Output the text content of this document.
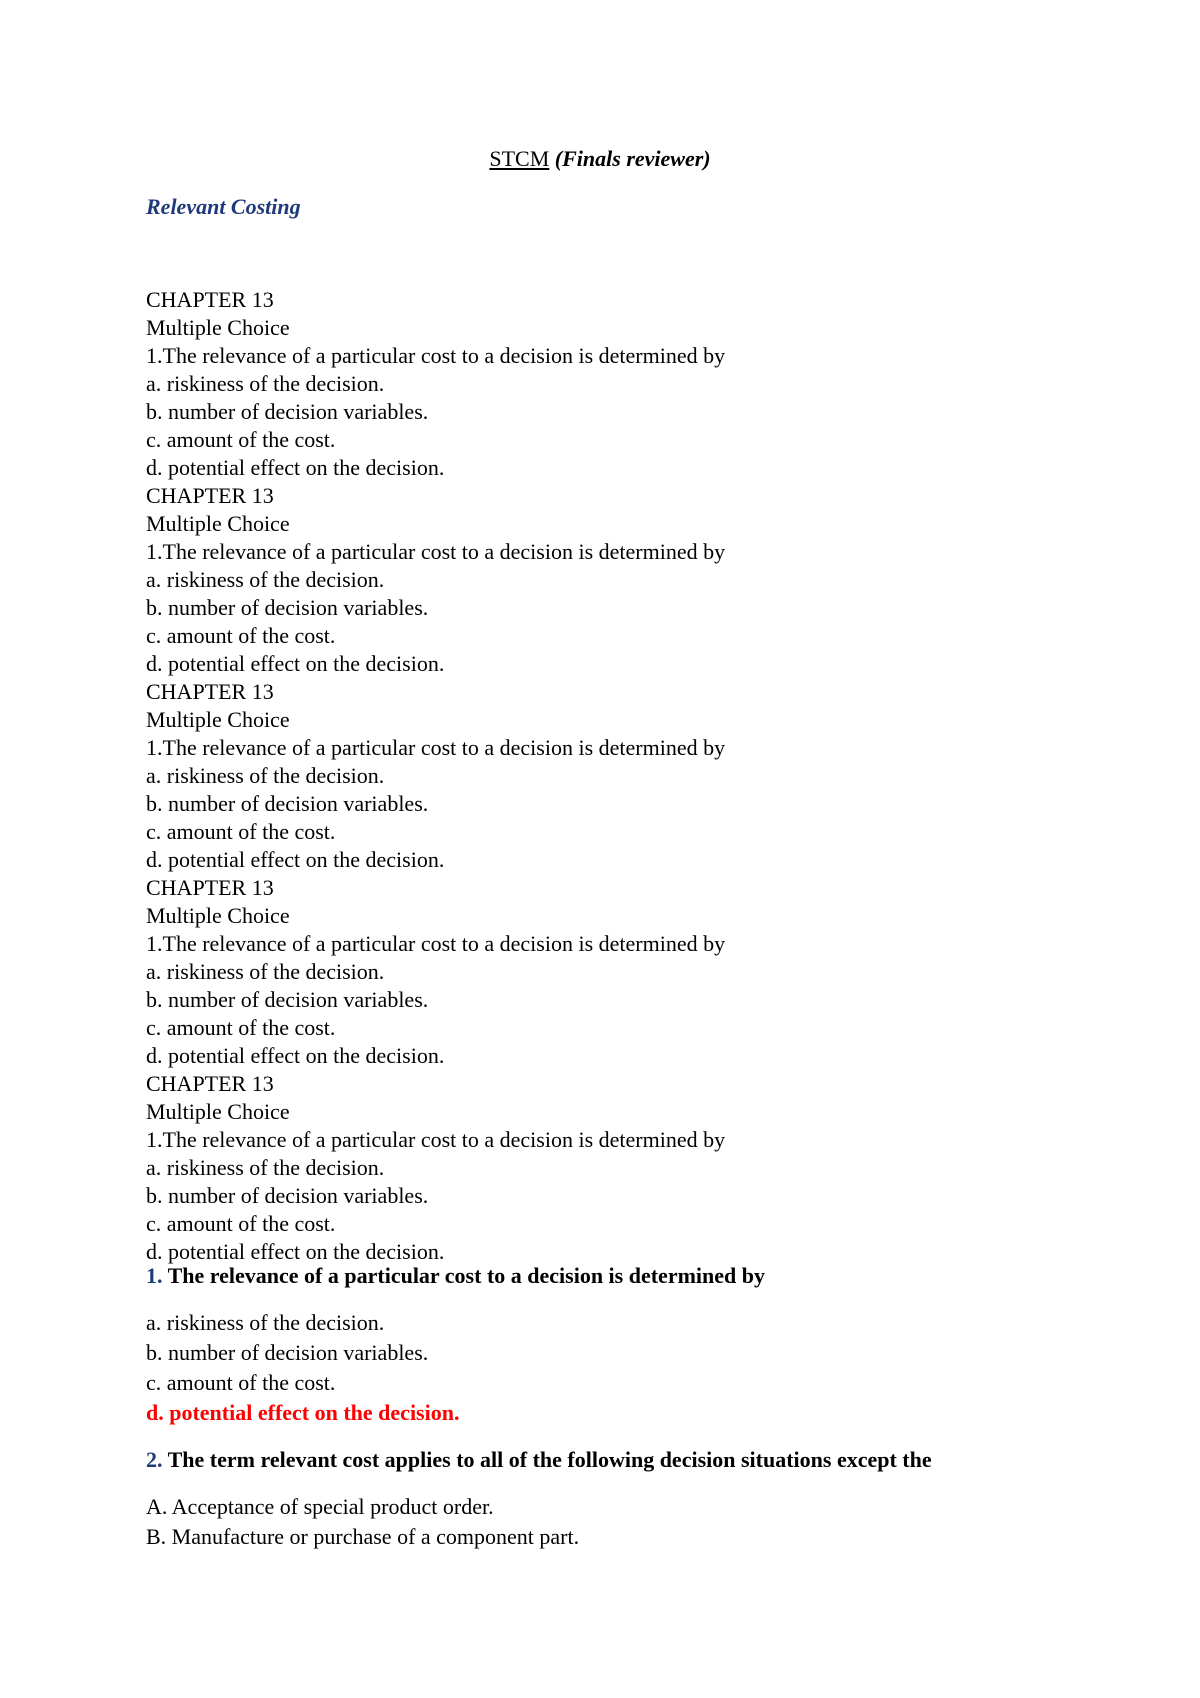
STCM (Finals reviewer)
Relevant Costing
CHAPTER 13
Multiple Choice
1.The relevance of a particular cost to a decision is determined by
a. riskiness of the decision.
b. number of decision variables.
c. amount of the cost.
d. potential effect on the decision.
CHAPTER 13
Multiple Choice
1.The relevance of a particular cost to a decision is determined by
a. riskiness of the decision.
b. number of decision variables.
c. amount of the cost.
d. potential effect on the decision.
CHAPTER 13
Multiple Choice
1.The relevance of a particular cost to a decision is determined by
a. riskiness of the decision.
b. number of decision variables.
c. amount of the cost.
d. potential effect on the decision.
CHAPTER 13
Multiple Choice
1.The relevance of a particular cost to a decision is determined by
a. riskiness of the decision.
b. number of decision variables.
c. amount of the cost.
d. potential effect on the decision.
CHAPTER 13
Multiple Choice
1.The relevance of a particular cost to a decision is determined by
a. riskiness of the decision.
b. number of decision variables.
c. amount of the cost.
d. potential effect on the decision.
1. The relevance of a particular cost to a decision is determined by
a. riskiness of the decision.
b. number of decision variables.
c. amount of the cost.
d. potential effect on the decision.
2. The term relevant cost applies to all of the following decision situations except the
A. Acceptance of special product order.
B. Manufacture or purchase of a component part.
